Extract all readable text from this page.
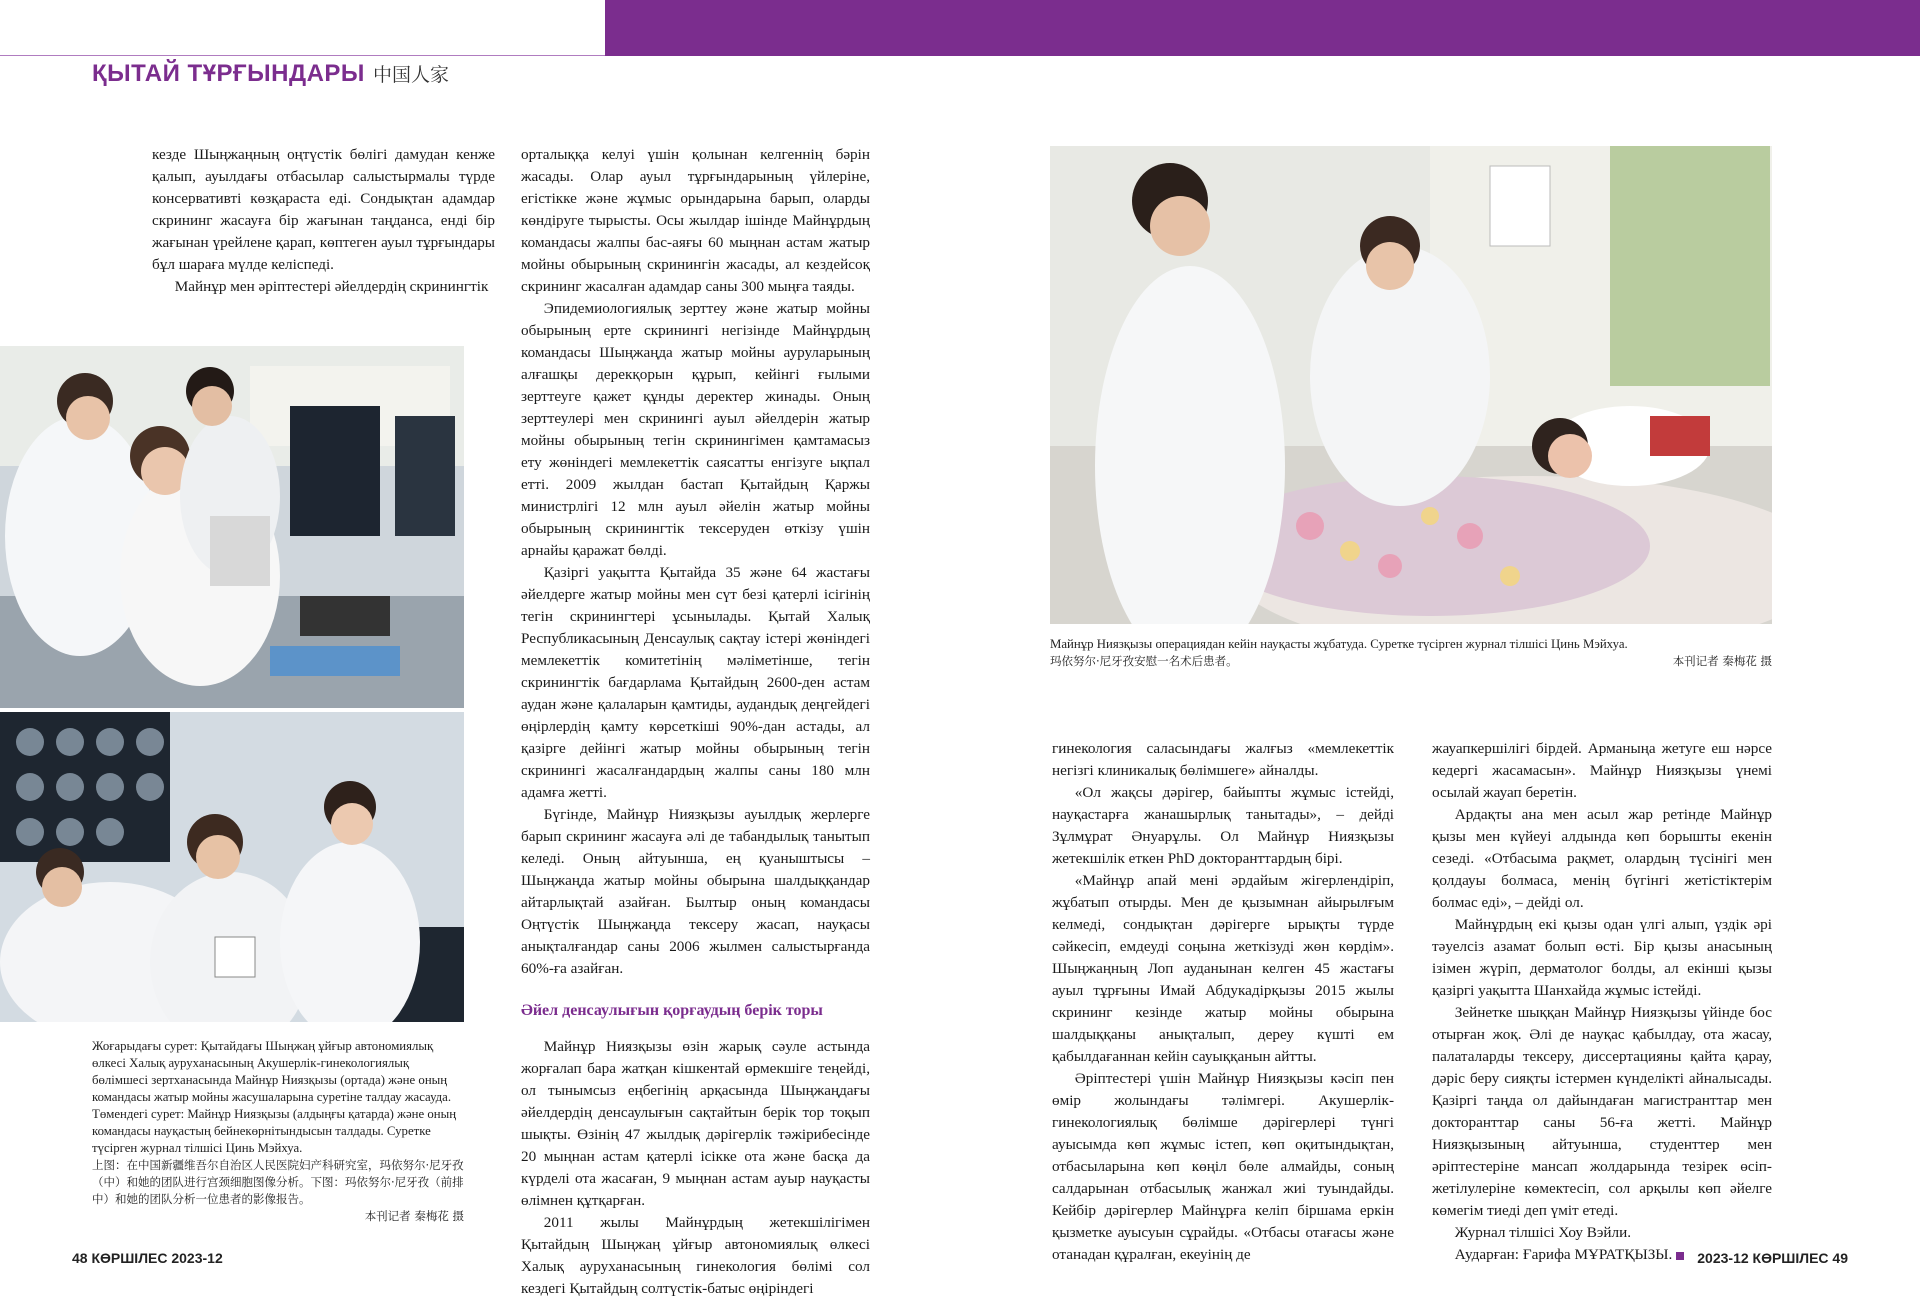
ҚЫТАЙ ТҰРҒЫНДАРЫ 中国人家

кезде Шыңжаңның оңтүстік бөлігі дамудан кенже қалып, ауылдағы отбасылар салыстырмалы түрде консервативті көзқараста еді. Сондықтан адамдар скрининг жасауға бір жағынан таңданса, енді бір жағынан үрейлене қарап, көптеген ауыл тұрғындары бұл шараға мүлде келіспеді.

Майнұр мен әріптестері әйелдердің скринингтік

Жоғарыдағы сурет: Қытайдағы Шыңжаң ұйғыр автономиялық өлкесі Халық ауруханасының Акушерлік-гинекологиялық бөлімшесі зертханасында Майнұр Ниязқызы (ортада) және оның командасы жатыр мойны жасушаларына суретіне талдау жасауда. Төмендегі сурет: Майнұр Ниязқызы (алдыңғы қатарда) және оның командасы науқастың бейнекөрнітындысын талдады. Суретке түсірген журнал тілшісі Цинь Мэйхуа.
上图：在中国新疆维吾尔自治区人民医院妇产科研究室，玛依努尔·尼牙孜（中）和她的团队进行宫颈细胞图像分析。下图：玛依努尔·尼牙孜（前排中）和她的团队分析一位患者的影像报告。
本刊记者 秦梅花 摄

орталыққа келуі үшін қолынан келгеннің бәрін жасады. Олар ауыл тұрғындарының үйлеріне, егістікке және жұмыс орындарына барып, оларды көндіруге тырысты. Осы жылдар ішінде Майнұрдың командасы жалпы бас-аяғы 60 мыңнан астам жатыр мойны обырының скринингін жасады, ал кездейсоқ скрининг жасалған адамдар саны 300 мыңға таяды.

Эпидемиологиялық зерттеу және жатыр мойны обырының ерте скринингі негізінде Майнұрдың командасы Шыңжаңда жатыр мойны ауруларының алғашқы дерекқорын құрып, кейінгі ғылыми зерттеуге қажет құнды деректер жинады. Оның зерттеулері мен скринингі ауыл әйелдерін жатыр мойны обырының тегін скринингімен қамтамасыз ету жөніндегі мемлекеттік саясатты енгізуге ықпал етті. 2009 жылдан бастап Қытайдың Қаржы министрлігі 12 млн ауыл әйелін жатыр мойны обырының скринингтік тексеруден өткізу үшін арнайы қаражат бөлді.

Қазіргі уақытта Қытайда 35 және 64 жастағы әйелдерге жатыр мойны мен сүт безі қатерлі ісігінің тегін скринингтері ұсынылады. Қытай Халық Республикасының Денсаулық сақтау істері жөніндегі мемлекеттік комитетінің мәліметінше, тегін скринингтік бағдарлама Қытайдың 2600-ден астам аудан және қалаларын қамтиды, аудандық деңгейдегі өңірлердің қамту көрсеткіші 90%-дан астады, ал қазірге дейінгі жатыр мойны обырының тегін скринингі жасалғандардың жалпы саны 180 млн адамға жетті.

Бүгінде, Майнұр Ниязқызы ауылдық жерлерге барып скрининг жасауға әлі де табандылық танытып келеді. Оның айтуынша, ең қуаныштысы – Шыңжаңда жатыр мойны обырына шалдыққандар айтарлықтай азайған. Былтыр оның командасы Оңтүстік Шыңжаңда тексеру жасап, науқасы анықталғандар саны 2006 жылмен салыстырғанда 60%-ға азайған.

Әйел денсаулығын қорғаудың берік торы

Майнұр Ниязқызы өзін жарық сәуле астында жорғалап бара жатқан кішкентай өрмекшіге теңейді, ол тынымсыз еңбегінің арқасында Шыңжаңдағы әйелдердің денсаулығын сақтайтын берік тор тоқып шықты. Өзінің 47 жылдық дәрігерлік тәжірибесінде 20 мыңнан астам қатерлі ісікке ота және басқа да күрделі ота жасаған, 9 мыңнан астам ауыр науқасты өлімнен құтқарған.

2011 жылы Майнұрдың жетекшілігімен Қытайдың Шыңжаң ұйғыр автономиялық өлкесі Халық ауруханасының гинекология бөлімі сол кездегі Қытайдың солтүстік-батыс өңіріндегі

Майнұр Ниязқызы операциядан кейін науқасты жұбатуда. Суретке түсірген журнал тілшісі Цинь Мэйхуа.
玛依努尔·尼牙孜安慰一名术后患者。	本刊记者 秦梅花 摄

гинекология саласындағы жалғыз «мемлекеттік негізгі клиникалық бөлімшеге» айналды.

«Ол жақсы дәрігер, байыпты жұмыс істейді, науқастарға жанашырлық танытады», – дейді Зұлмұрат Әнуарұлы. Ол Майнұр Ниязқызы жетекшілік еткен PhD докторанттардың бірі.

«Майнұр апай мені әрдайым жігерлендіріп, жұбатып отырды. Мен де қызымнан айырылғым келмеді, сондықтан дәрігерге ырықты түрде сәйкесіп, емдеуді соңына жеткізуді жөн көрдім». Шыңжаңның Лоп ауданынан келген 45 жастағы ауыл тұрғыны Имай Абдукадірқызы 2015 жылы скрининг кезінде жатыр мойны обырына шалдыққаны анықталып, дереу күшті ем қабылдағаннан кейін сауыққанын айтты.

Әріптестері үшін Майнұр Ниязқызы кәсіп пен өмір жолындағы тәлімгері. Акушерлік-гинекологиялық бөлімше дәрігерлері түнгі ауысымда көп жұмыс істеп, көп оқитындықтан, отбасыларына көп көңіл бөле алмайды, соның салдарынан отбасылық жанжал жиі туындайды. Кейбір дәрігерлер Майнұрға келіп біршама еркін қызметке ауысуын сұрайды. «Отбасы отағасы және отанадан құралған, екеуінің де

жауапкершілігі бірдей. Арманыңа жетуге еш нәрсе кедергі жасамасын». Майнұр Ниязқызы үнемі осылай жауап беретін.

Ардақты ана мен асыл жар ретінде Майнұр қызы мен күйеуі алдында көп борышты екенін сезеді. «Отбасыма рақмет, олардың түсінігі мен қолдауы болмаса, менің бүгінгі жетістіктерім болмас еді», – дейді ол.

Майнұрдың екі қызы одан үлгі алып, үздік әрі тәуелсіз азамат болып өсті. Бір қызы анасының ізімен жүріп, дерматолог болды, ал екінші қызы қазіргі уақытта Шанхайда жұмыс істейді.

Зейнетке шыққан Майнұр Ниязқызы үйінде бос отырған жоқ. Әлі де науқас қабылдау, ота жасау, палаталарды тексеру, диссертацияны қайта қарау, дәріс беру сияқты істермен күнделікті айналысады. Қазіргі таңда ол дайындаған магистранттар мен докторанттар саны 56-ға жетті. Майнұр Ниязқызының айтуынша, студенттер мен әріптестеріне мансап жолдарында тезірек өсіп-жетілулеріне көмектесіп, сол арқылы көп әйелге көмегім тиеді деп үміт етеді.

Журнал тілшісі Хоу Вэйли.

Аударған: Ғарифа МҰРАТҚЫЗЫ.

48 КӨРШІЛЕС 2023-12	2023-12 КӨРШІЛЕС 49
